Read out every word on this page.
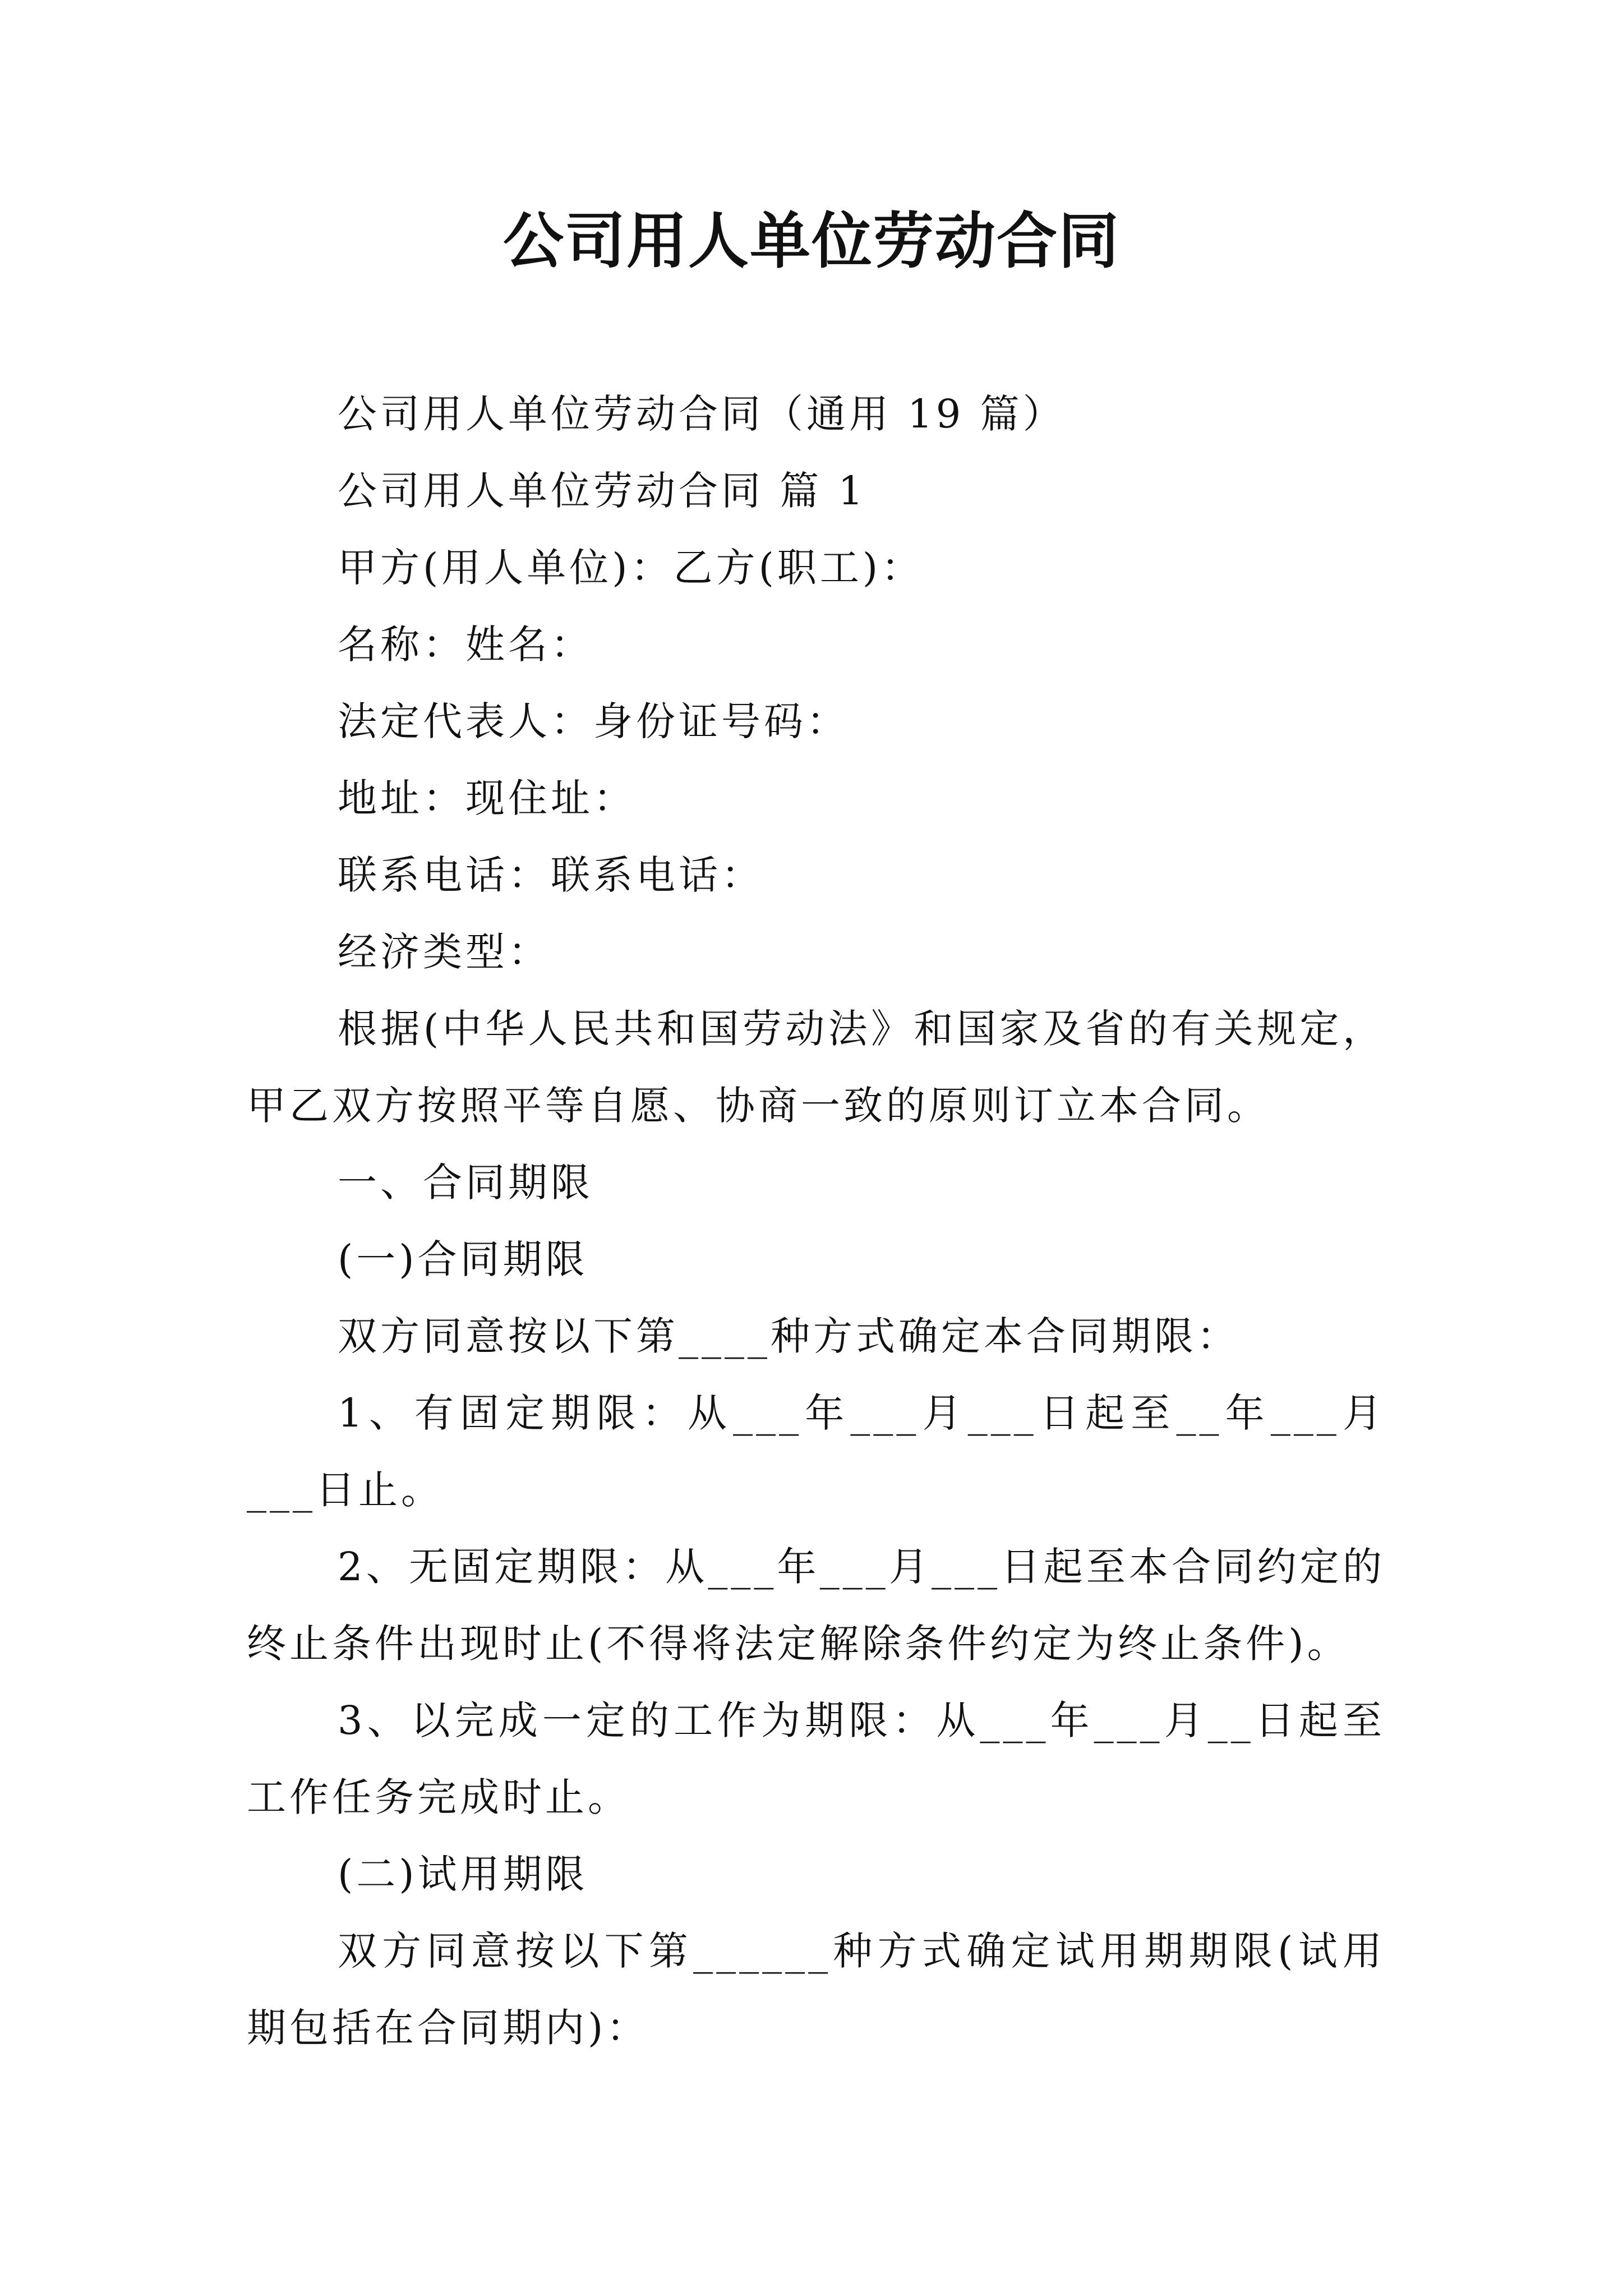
公司用人单位劳动合同

公司用人单位劳动合同（通用 19 篇）

公司用人单位劳动合同 篇 1

甲方(用人单位)：乙方(职工)：

名称：姓名：

法定代表人：身份证号码：

地址：现住址：

联系电话：联系电话：

经济类型：

根据(中华人民共和国劳动法》和国家及省的有关规定，甲乙双方按照平等自愿、协商一致的原则订立本合同。

一、合同期限

(一)合同期限

双方同意按以下第____种方式确定本合同期限：

1、有固定期限：从___年___月___日起至__年___月___日止。

2、无固定期限：从___年___月___日起至本合同约定的终止条件出现时止(不得将法定解除条件约定为终止条件)。

3、以完成一定的工作为期限：从___年___月__日起至工作任务完成时止。

(二)试用期限

双方同意按以下第______种方式确定试用期期限(试用期包括在合同期内)：
